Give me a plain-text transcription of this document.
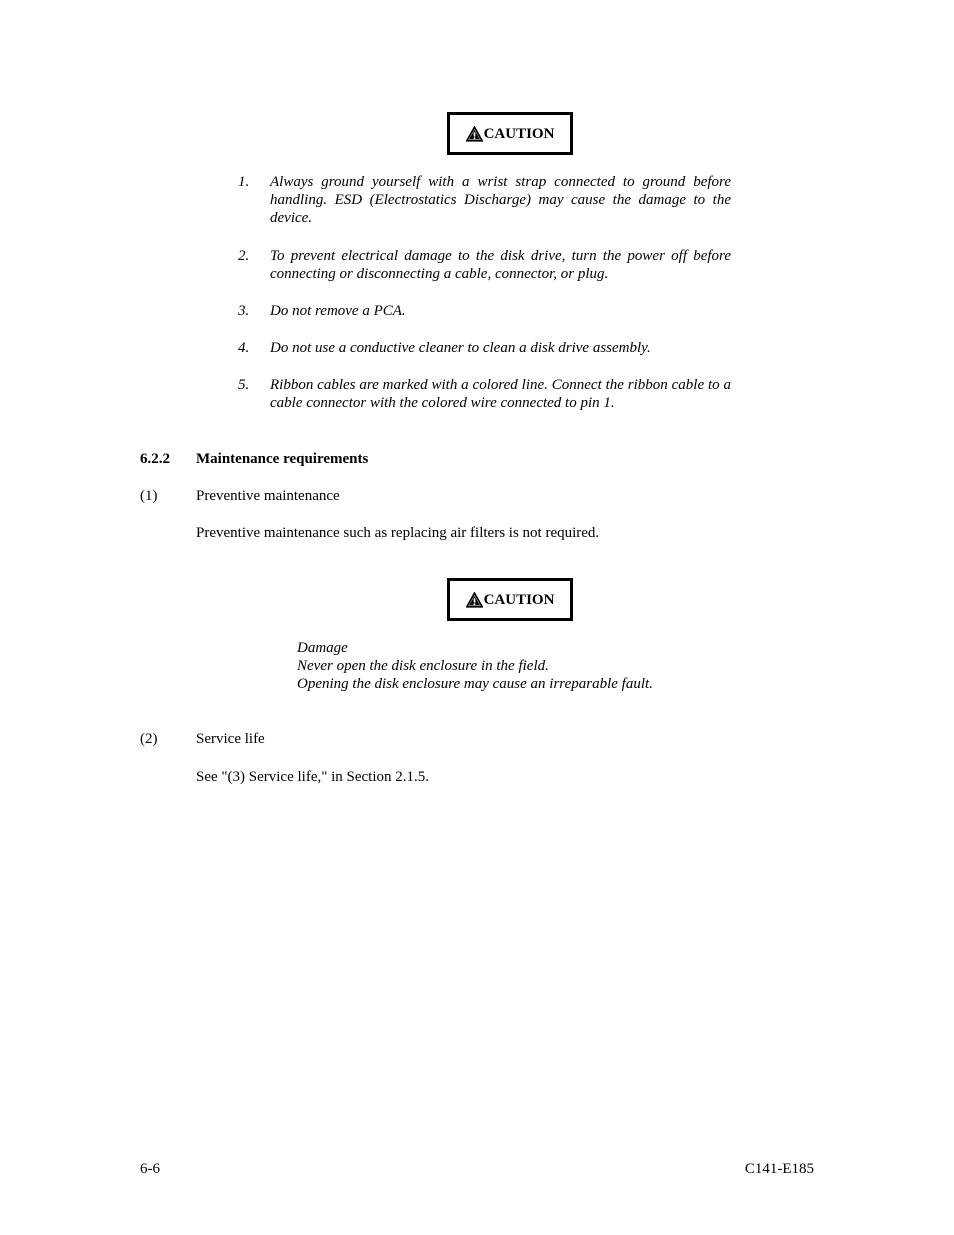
CAUTION
1. Always ground yourself with a wrist strap connected to ground before handling. ESD (Electrostatics Discharge) may cause the damage to the device.
2. To prevent electrical damage to the disk drive, turn the power off before connecting or disconnecting a cable, connector, or plug.
3. Do not remove a PCA.
4. Do not use a conductive cleaner to clean a disk drive assembly.
5. Ribbon cables are marked with a colored line. Connect the ribbon cable to a cable connector with the colored wire connected to pin 1.
6.2.2 Maintenance requirements
(1)	Preventive maintenance
Preventive maintenance such as replacing air filters is not required.
CAUTION
Damage
Never open the disk enclosure in the field.
Opening the disk enclosure may cause an irreparable fault.
(2)	Service life
See "(3) Service life," in Section 2.1.5.
6-6	C141-E185
